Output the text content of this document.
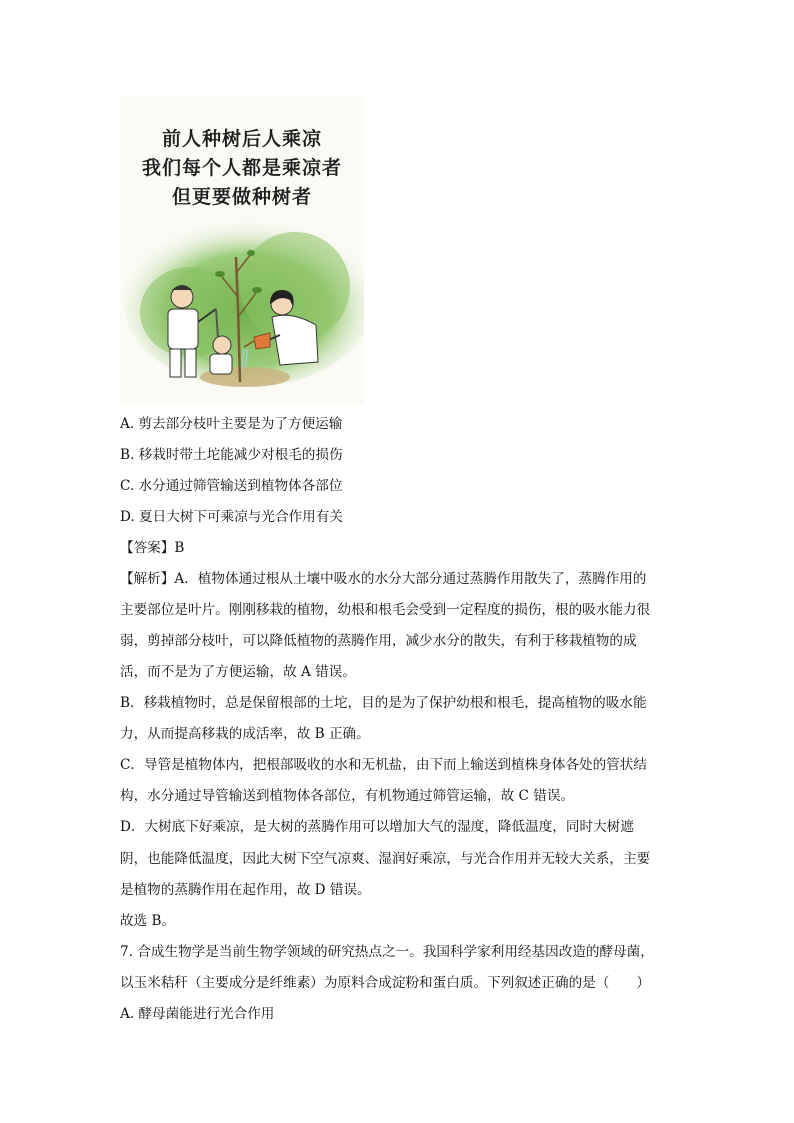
前人种树后人乘凉
我们每个人都是乘凉者
但更要做种树者
A. 剪去部分枝叶主要是为了方便运输
B. 移栽时带土坨能减少对根毛的损伤
C. 水分通过筛管输送到植物体各部位
D. 夏日大树下可乘凉与光合作用有关
【答案】B
【解析】A．植物体通过根从土壤中吸水的水分大部分通过蒸腾作用散失了，蒸腾作用的
主要部位是叶片。刚刚移栽的植物，幼根和根毛会受到一定程度的损伤，根的吸水能力很
弱，剪掉部分枝叶，可以降低植物的蒸腾作用，减少水分的散失，有利于移栽植物的成
活，而不是为了方便运输，故 A 错误。
B．移栽植物时，总是保留根部的土坨，目的是为了保护幼根和根毛，提高植物的吸水能
力，从而提高移栽的成活率，故 B 正确。
C．导管是植物体内，把根部吸收的水和无机盐，由下而上输送到植株身体各处的管状结
构，水分通过导管输送到植物体各部位，有机物通过筛管运输，故 C 错误。
D．大树底下好乘凉，是大树的蒸腾作用可以增加大气的湿度，降低温度，同时大树遮
阴，也能降低温度，因此大树下空气凉爽、湿润好乘凉，与光合作用并无较大关系，主要
是植物的蒸腾作用在起作用，故 D 错误。
故选 B。
7. 合成生物学是当前生物学领域的研究热点之一。我国科学家利用经基因改造的酵母菌，
以玉米秸秆（主要成分是纤维素）为原料合成淀粉和蛋白质。下列叙述正确的是（　　）
A. 酵母菌能进行光合作用
